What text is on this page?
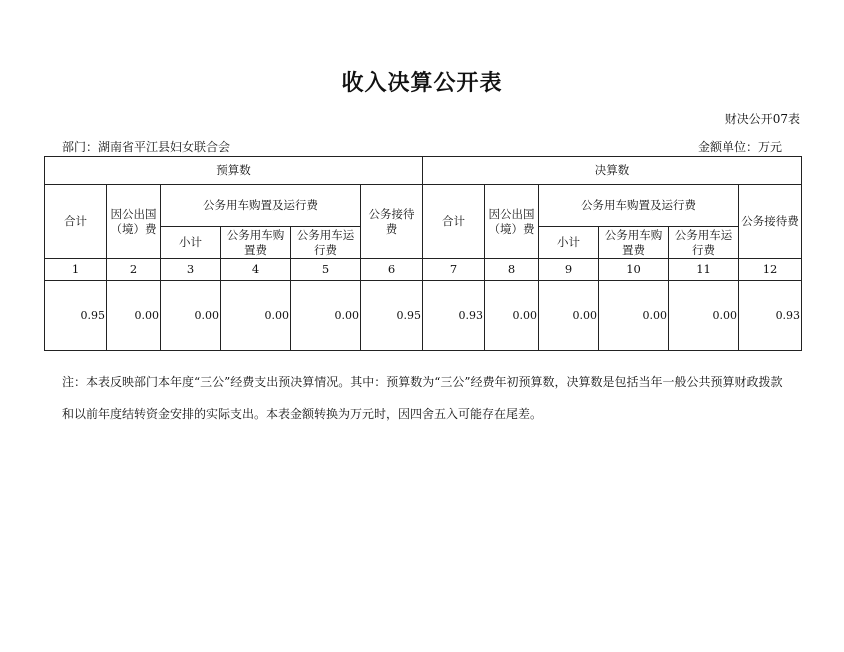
收入决算公开表
财决公开07表
部门：湖南省平江县妇女联合会	金额单位：万元
预算数						决算数					
合计	因公出国（境）费	公务用车购置及运行费			公务接待费	合计	因公出国（境）费	公务用车购置及运行费			公务接待费
		小计	公务用车购置费	公务用车运行费				小计	公务用车购置费	公务用车运行费	
1	2	3	4	5	6	7	8	9	10	11	12
0.95	0.00	0.00	0.00	0.00	0.95	0.93	0.00	0.00	0.00	0.00	0.93
注：本表反映部门本年度“三公”经费支出预决算情况。其中：预算数为“三公”经费年初预算数，决算数是包括当年一般公共预算财政拨款和以前年度结转资金安排的实际支出。本表金额转换为万元时，因四舍五入可能存在尾差。
